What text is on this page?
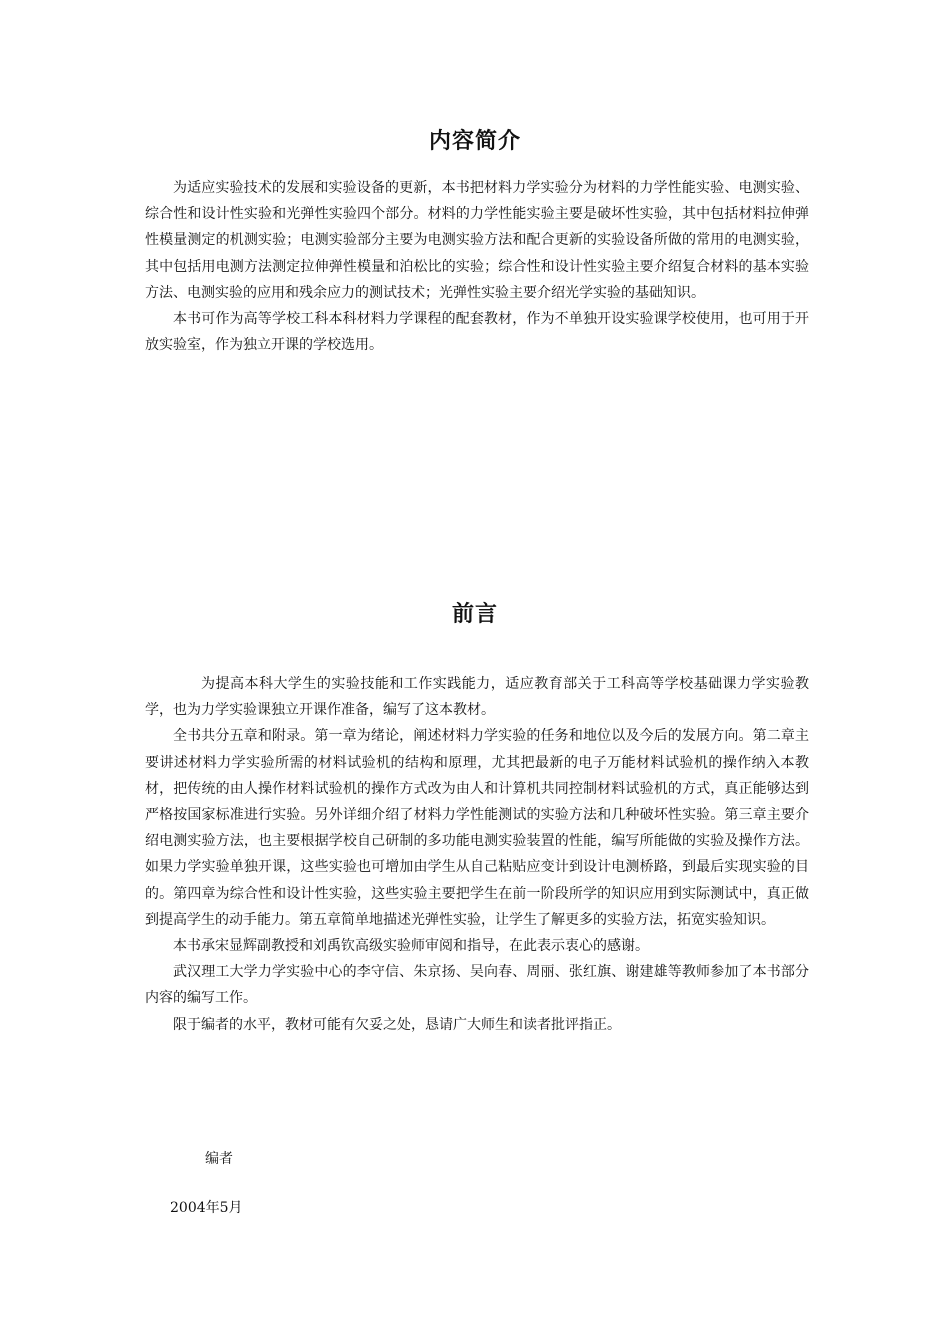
内容简介

为适应实验技术的发展和实验设备的更新，本书把材料力学实验分为材料的力学性能实验、电测实验、综合性和设计性实验和光弹性实验四个部分。材料的力学性能实验主要是破坏性实验，其中包括材料拉伸弹性模量测定的机测实验；电测实验部分主要为电测实验方法和配合更新的实验设备所做的常用的电测实验，其中包括用电测方法测定拉伸弹性模量和泊松比的实验；综合性和设计性实验主要介绍复合材料的基本实验方法、电测实验的应用和残余应力的测试技术；光弹性实验主要介绍光学实验的基础知识。

本书可作为高等学校工科本科材料力学课程的配套教材，作为不单独开设实验课学校使用，也可用于开放实验室，作为独立开课的学校选用。

前言

为提高本科大学生的实验技能和工作实践能力，适应教育部关于工科高等学校基础课力学实验教学，也为力学实验课独立开课作准备，编写了这本教材。

全书共分五章和附录。第一章为绪论，阐述材料力学实验的任务和地位以及今后的发展方向。第二章主要讲述材料力学实验所需的材料试验机的结构和原理，尤其把最新的电子万能材料试验机的操作纳入本教材，把传统的由人操作材料试验机的操作方式改为由人和计算机共同控制材料试验机的方式，真正能够达到严格按国家标准进行实验。另外详细介绍了材料力学性能测试的实验方法和几种破坏性实验。第三章主要介绍电测实验方法，也主要根据学校自己研制的多功能电测实验装置的性能，编写所能做的实验及操作方法。如果力学实验单独开课，这些实验也可增加由学生从自己粘贴应变计到设计电测桥路，到最后实现实验的目的。第四章为综合性和设计性实验，这些实验主要把学生在前一阶段所学的知识应用到实际测试中，真正做到提高学生的动手能力。第五章简单地描述光弹性实验，让学生了解更多的实验方法，拓宽实验知识。

本书承宋显辉副教授和刘禹钦高级实验师审阅和指导，在此表示衷心的感谢。

武汉理工大学力学实验中心的李守信、朱京扬、吴向春、周丽、张红旗、谢建雄等教师参加了本书部分内容的编写工作。

限于编者的水平，教材可能有欠妥之处，恳请广大师生和读者批评指正。

编者
2004年5月
